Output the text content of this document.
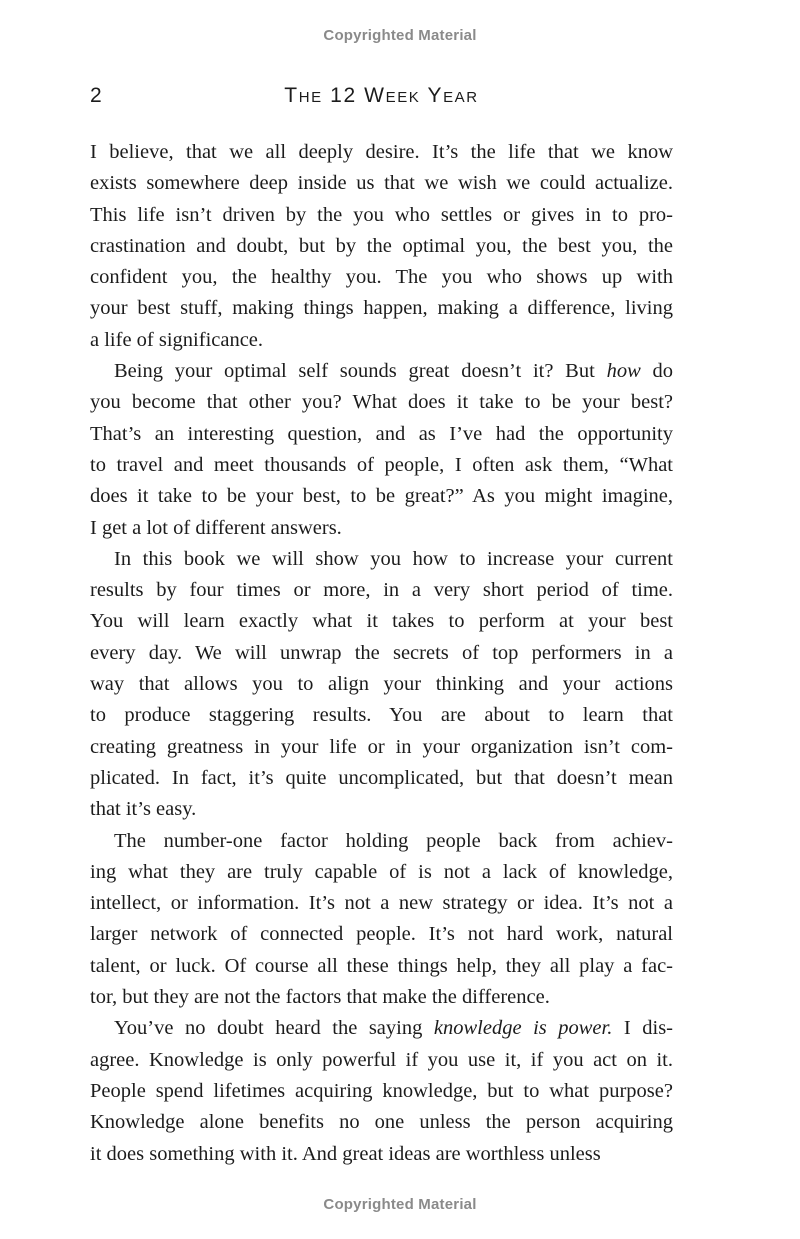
Copyrighted Material
2	The 12 Week Year
I believe, that we all deeply desire. It’s the life that we know
exists somewhere deep inside us that we wish we could actualize.
This life isn’t driven by the you who settles or gives in to pro-
crastination and doubt, but by the optimal you, the best you, the
confident you, the healthy you. The you who shows up with
your best stuff, making things happen, making a difference, living
a life of significance.
Being your optimal self sounds great doesn’t it? But how do
you become that other you? What does it take to be your best?
That’s an interesting question, and as I’ve had the opportunity
to travel and meet thousands of people, I often ask them, “What
does it take to be your best, to be great?” As you might imagine,
I get a lot of different answers.
In this book we will show you how to increase your current
results by four times or more, in a very short period of time.
You will learn exactly what it takes to perform at your best
every day. We will unwrap the secrets of top performers in a
way that allows you to align your thinking and your actions
to produce staggering results. You are about to learn that
creating greatness in your life or in your organization isn’t com-
plicated. In fact, it’s quite uncomplicated, but that doesn’t mean
that it’s easy.
The number-one factor holding people back from achiev-
ing what they are truly capable of is not a lack of knowledge,
intellect, or information. It’s not a new strategy or idea. It’s not a
larger network of connected people. It’s not hard work, natural
talent, or luck. Of course all these things help, they all play a fac-
tor, but they are not the factors that make the difference.
You’ve no doubt heard the saying knowledge is power. I dis-
agree. Knowledge is only powerful if you use it, if you act on it.
People spend lifetimes acquiring knowledge, but to what purpose?
Knowledge alone benefits no one unless the person acquiring
it does something with it. And great ideas are worthless unless
Copyrighted Material
